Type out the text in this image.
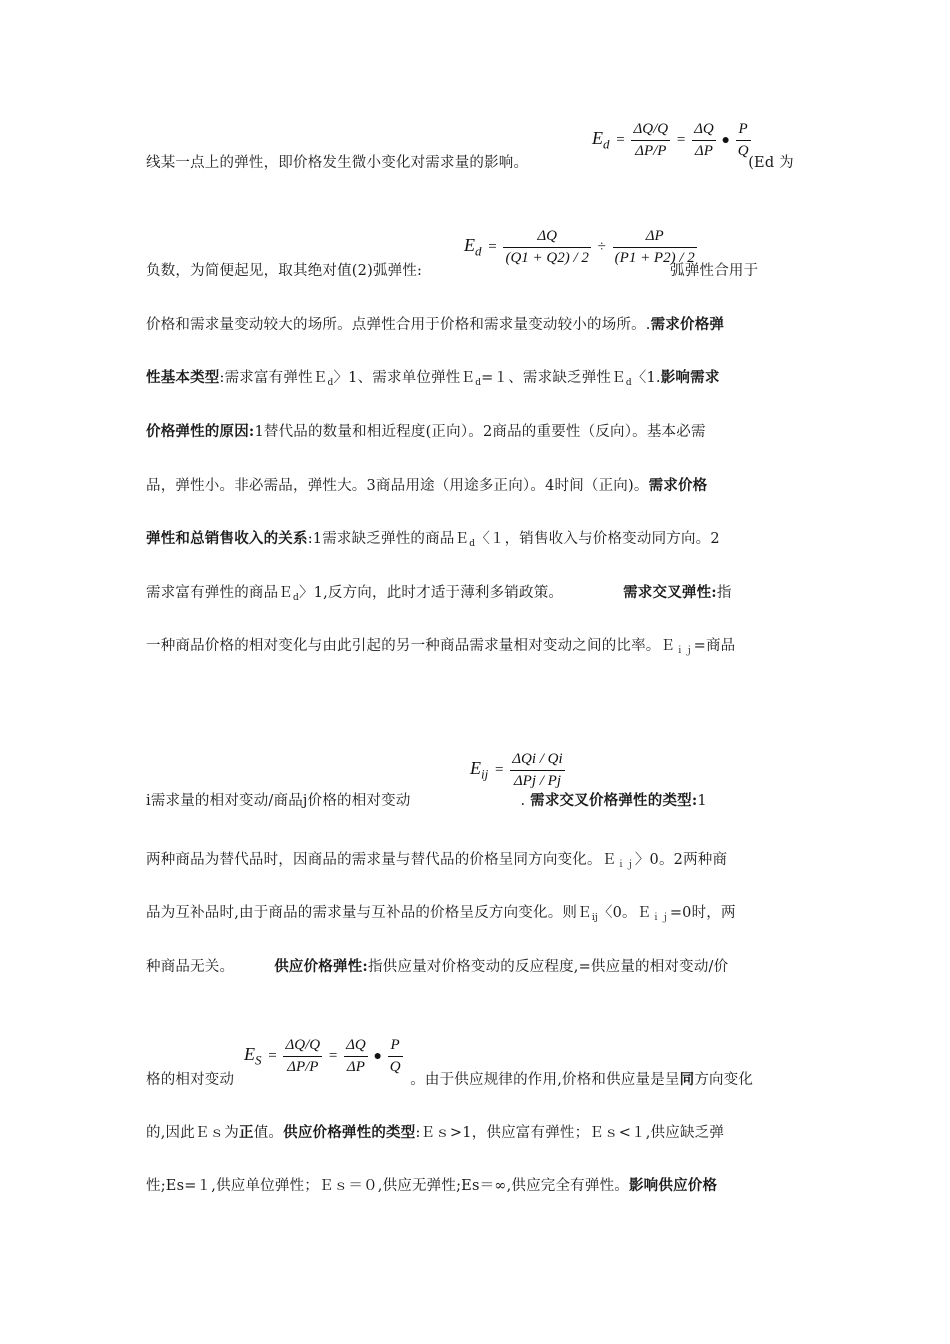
$E_d = \frac{\Delta Q/Q}{\Delta P/P} = \frac{\Delta Q}{\Delta P}$ ● $\frac{P}{Q}$
线某一点上的弹性，即价格发生微小变化对需求量的影响。	(Ed 为
$E_d = \frac{\Delta Q}{(Q1 + Q2) / 2} \div \frac{\Delta P}{(P1 + P2) / 2}$
负数，为简便起见，取其绝对值(2)弧弹性:	弧弹性合用于
价格和需求量变动较大的场所。点弹性合用于价格和需求量变动较小的场所。.需求价格弹
性基本类型:需求富有弹性Ｅ$_d$〉1、需求单位弹性Ｅ$_d$=１、需求缺乏弹性Ｅ$_d$〈1.影响需求
价格弹性的原因:1替代品的数量和相近程度(正向）。2商品的重要性（反向）。基本必需
品，弹性小。非必需品，弹性大。3商品用途（用途多正向）。4时间（正向)。需求价格
弹性和总销售收入的关系:1需求缺乏弹性的商品Ｅ$_d$〈１，销售收入与价格变动同方向。2
需求富有弹性的商品Ｅ$_d$〉1,反方向，此时才适于薄利多销政策。	需求交叉弹性:指
一种商品价格的相对变化与由此引起的另一种商品需求量相对变动之间的比率。Ｅ$_{ij}$=商品
$E_{ij} = \frac{\text{ΔQi / Qi}}{\text{ΔPj / Pj}}$
i需求量的相对变动/商品j价格的相对变动	. 需求交叉价格弹性的类型:1
两种商品为替代品时，因商品的需求量与替代品的价格呈同方向变化。Ｅ$_{ij}$〉0。2两种商
品为互补品时,由于商品的需求量与互补品的价格呈反方向变化。则Ｅ$_{ij}$〈0。Ｅ$_{ij}$=0时，两
种商品无关。	供应价格弹性:指供应量对价格变动的反应程度,=供应量的相对变动/价
$E_S = \frac{\Delta Q/Q}{\Delta P/P} = \frac{\Delta Q}{\Delta P}$ ● $\frac{P}{Q}$
格的相对变动	。由于供应规律的作用,价格和供应量是呈同方向变化
的,因此Ｅｓ为正值。供应价格弹性的类型:Ｅｓ>1，供应富有弹性；Ｅｓ<１,供应缺乏弹
性;Es=１,供应单位弹性；Ｅｓ＝０,供应无弹性;Es＝∞,供应完全有弹性。影响供应价格
